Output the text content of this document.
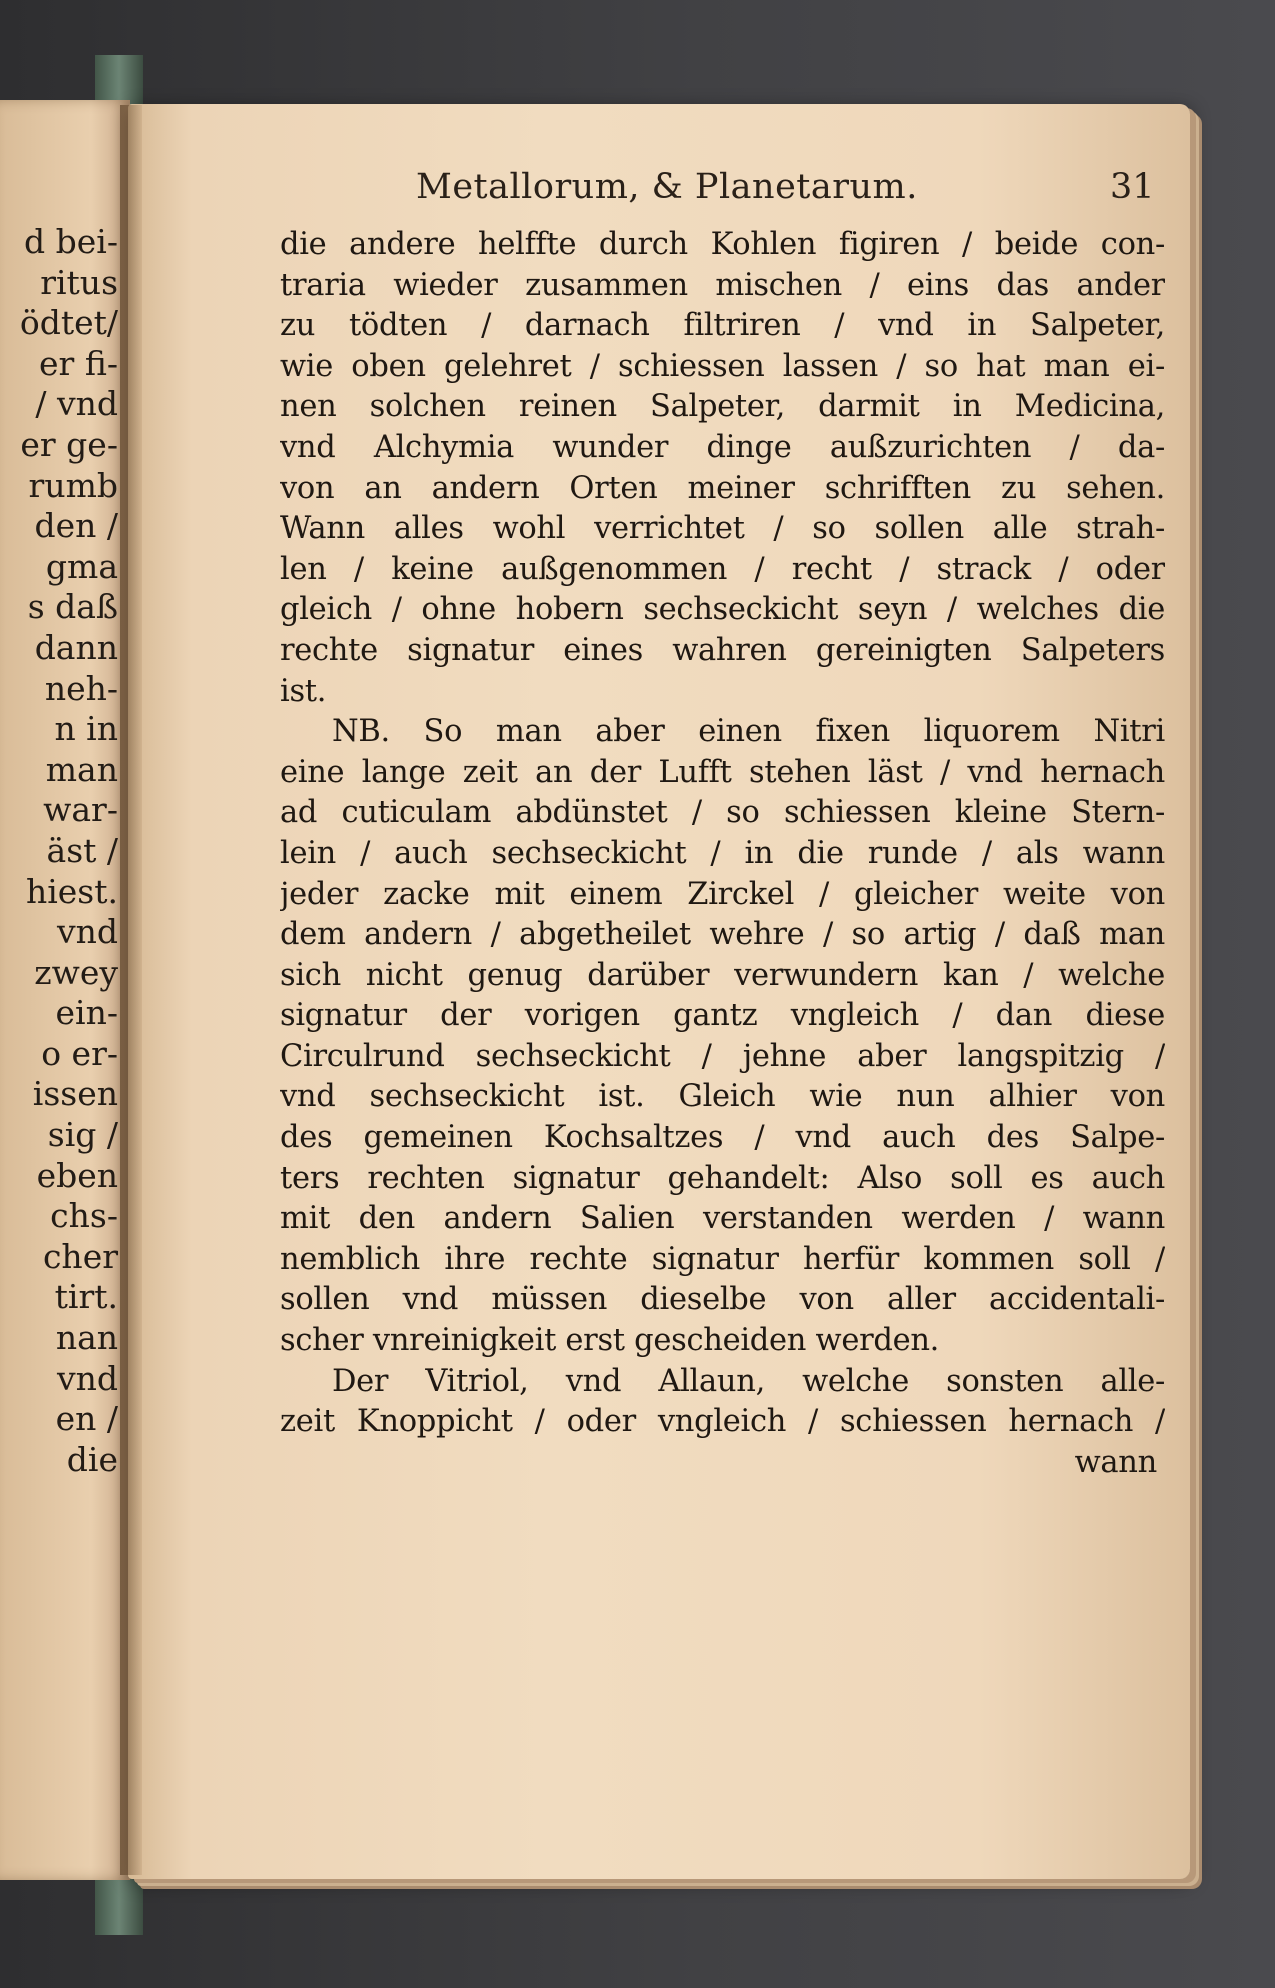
d bei-
ritus
ödtet/
er fi-
/ vnd
er ge-
rumb
den /
gma
s daß
dann
neh-
n in
man
war-
äst /
hiest.
vnd
zwey
ein-
o er-
issen
sig /
eben
chs-
cher
tirt.
nan
vnd
en /
die
Metallorum, & Planetarum.	31
die andere helffte durch Kohlen figiren / beide con-
traria wieder zusammen mischen / eins das ander
zu tödten / darnach filtriren / vnd in Salpeter,
wie oben gelehret / schiessen lassen / so hat man ei-
nen solchen reinen Salpeter, darmit in Medicina,
vnd Alchymia wunder dinge außzurichten / da-
von an andern Orten meiner schrifften zu sehen.
Wann alles wohl verrichtet / so sollen alle strah-
len / keine außgenommen / recht / strack / oder
gleich / ohne hobern sechseckicht seyn / welches die
rechte signatur eines wahren gereinigten Salpeters
ist.
NB. So man aber einen fixen liquorem Nitri
eine lange zeit an der Lufft stehen läst / vnd hernach
ad cuticulam abdünstet / so schiessen kleine Stern-
lein / auch sechseckicht / in die runde / als wann
jeder zacke mit einem Zirckel / gleicher weite von
dem andern / abgetheilet wehre / so artig / daß man
sich nicht genug darüber verwundern kan / welche
signatur der vorigen gantz vngleich / dan diese
Circulrund sechseckicht / jehne aber langspitzig /
vnd sechseckicht ist. Gleich wie nun alhier von
des gemeinen Kochsaltzes / vnd auch des Salpe-
ters rechten signatur gehandelt: Also soll es auch
mit den andern Salien verstanden werden / wann
nemblich ihre rechte signatur herfür kommen soll /
sollen vnd müssen dieselbe von aller accidentali-
scher vnreinigkeit erst gescheiden werden.
Der Vitriol, vnd Allaun, welche sonsten alle-
zeit Knoppicht / oder vngleich / schiessen hernach /
wann
